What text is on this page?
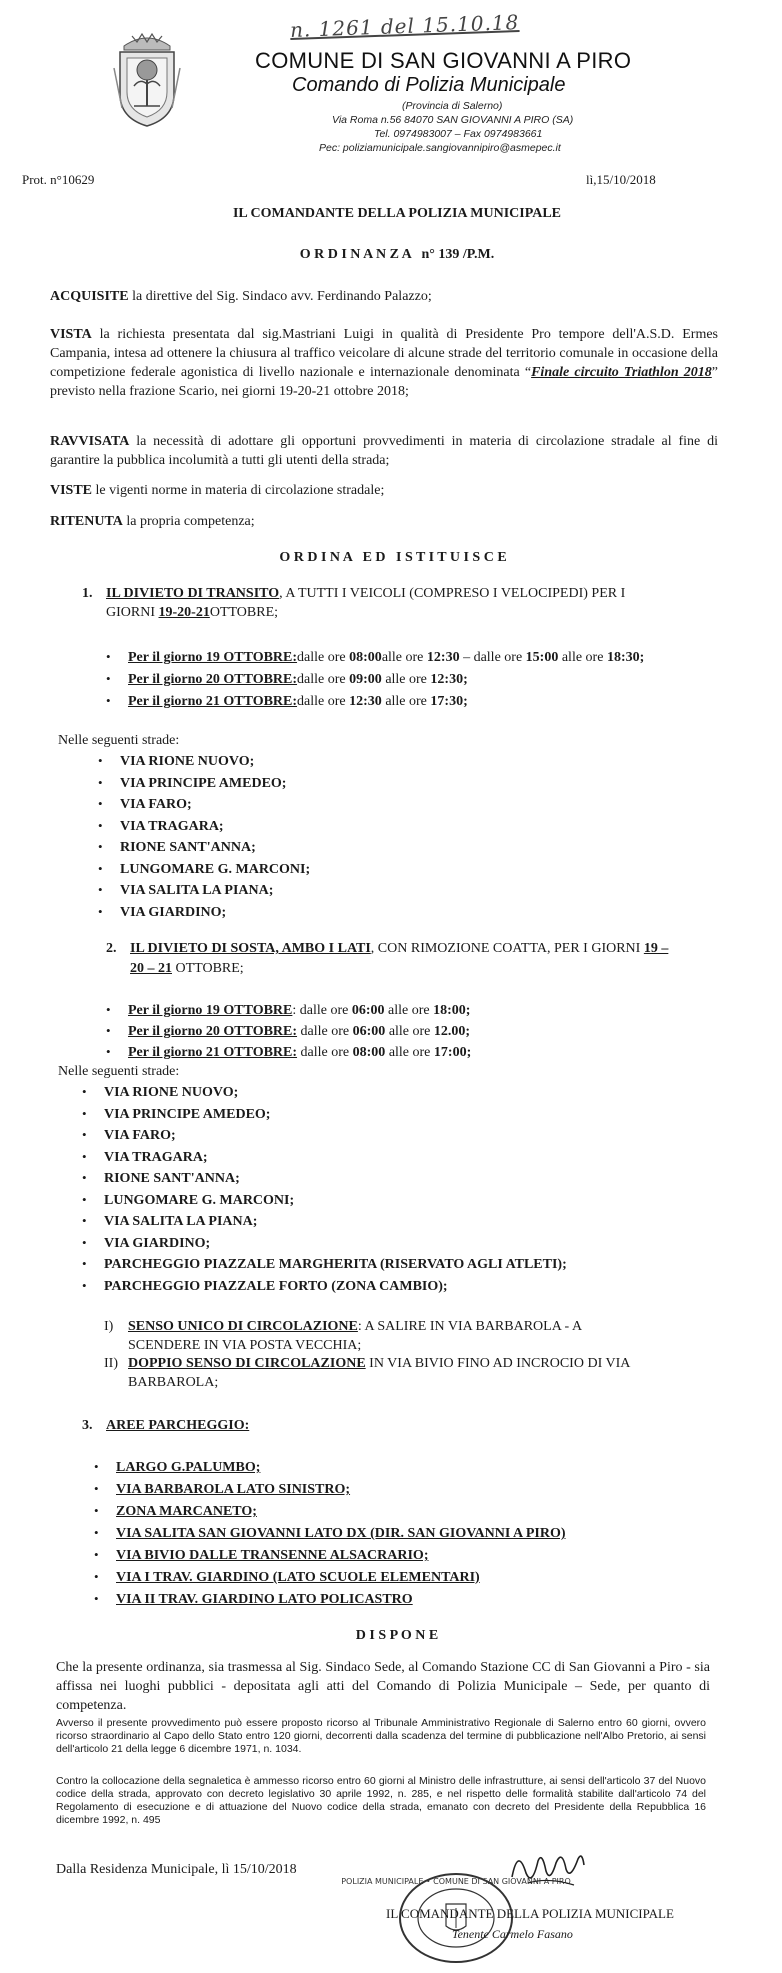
n. 1261 del 15.10.18
COMUNE DI SAN GIOVANNI A PIRO
Comando di Polizia Municipale
(Provincia di Salerno)
Via Roma n.56 84070 SAN GIOVANNI A PIRO (SA)
Tel. 0974983007 – Fax 0974983661
Pec: poliziamunicipale.sangiovannipiro@asmepec.it
Prot. n°10629	lì,15/10/2018
IL COMANDANTE DELLA POLIZIA MUNICIPALE
O R D I N A N Z A   n° 139 /P.M.
ACQUISITE la direttive del Sig. Sindaco avv. Ferdinando Palazzo;
VISTA la richiesta presentata dal sig.Mastriani Luigi in qualità di Presidente Pro tempore dell'A.S.D. Ermes Campania, intesa ad ottenere la chiusura al traffico veicolare di alcune strade del territorio comunale in occasione della competizione federale agonistica di livello nazionale e internazionale denominata “Finale circuito Triathlon 2018” previsto nella frazione Scario, nei giorni 19-20-21 ottobre 2018;
RAVVISATA la necessità di adottare gli opportuni provvedimenti in materia di circolazione stradale al fine di garantire la pubblica incolumità a tutti gli utenti della strada;
VISTE le vigenti norme in materia di circolazione stradale;
RITENUTA la propria competenza;
O R D I N A   E D   I S T I T U I S C E
1. IL DIVIETO DI TRANSITO, A TUTTI I VEICOLI (COMPRESO I VELOCIPEDI) PER I
GIORNI 19-20-21OTTOBRE;
• Per il giorno 19 OTTOBRE:dalle ore 08:00alle ore 12:30 – dalle ore 15:00 alle ore 18:30;
• Per il giorno 20 OTTOBRE:dalle ore 09:00 alle ore 12:30;
• Per il giorno 21 OTTOBRE:dalle ore 12:30 alle ore 17:30;
Nelle seguenti strade:
• VIA RIONE NUOVO;
• VIA PRINCIPE AMEDEO;
• VIA FARO;
• VIA TRAGARA;
• RIONE SANT'ANNA;
• LUNGOMARE G. MARCONI;
• VIA SALITA LA PIANA;
• VIA GIARDINO;
2. IL DIVIETO DI SOSTA, AMBO I LATI, CON RIMOZIONE COATTA, PER I GIORNI 19 –
20 – 21 OTTOBRE;
• Per il giorno 19 OTTOBRE: dalle ore 06:00 alle ore 18:00;
• Per il giorno 20 OTTOBRE: dalle ore 06:00 alle ore 12.00;
• Per il giorno 21 OTTOBRE: dalle ore 08:00 alle ore 17:00;
Nelle seguenti strade:
• VIA RIONE NUOVO;
• VIA PRINCIPE AMEDEO;
• VIA FARO;
• VIA TRAGARA;
• RIONE SANT'ANNA;
• LUNGOMARE G. MARCONI;
• VIA SALITA LA PIANA;
• VIA GIARDINO;
• PARCHEGGIO PIAZZALE MARGHERITA (RISERVATO AGLI ATLETI);
• PARCHEGGIO PIAZZALE FORTO (ZONA CAMBIO);
I) SENSO UNICO DI CIRCOLAZIONE: A SALIRE IN VIA BARBAROLA - A
SCENDERE IN VIA POSTA VECCHIA;
II) DOPPIO SENSO DI CIRCOLAZIONE IN VIA BIVIO FINO AD INCROCIO DI VIA
BARBAROLA;
3. AREE PARCHEGGIO:
• LARGO G.PALUMBO;
• VIA BARBAROLA LATO SINISTRO;
• ZONA MARCANETO;
• VIA SALITA SAN GIOVANNI LATO DX (DIR. SAN GIOVANNI A PIRO)
• VIA BIVIO DALLE TRANSENNE ALSACRARIO;
• VIA I TRAV. GIARDINO (LATO SCUOLE ELEMENTARI)
• VIA II TRAV. GIARDINO LATO POLICASTRO
D I S P O N E
Che la presente ordinanza, sia trasmessa al Sig. Sindaco Sede, al Comando Stazione CC di San Giovanni a Piro - sia affissa nei luoghi pubblici - depositata agli atti del Comando di Polizia Municipale – Sede, per quanto di competenza.
Avverso il presente provvedimento può essere proposto ricorso al Tribunale Amministrativo Regionale di Salerno entro 60 giorni, ovvero ricorso straordinario al Capo dello Stato entro 120 giorni, decorrenti dalla scadenza del termine di pubblicazione nell'Albo Pretorio, ai sensi dell'articolo 21 della legge 6 dicembre 1971, n. 1034.
Contro la collocazione della segnaletica è ammesso ricorso entro 60 giorni al Ministro delle infrastrutture, ai sensi dell'articolo 37 del Nuovo codice della strada, approvato con decreto legislativo 30 aprile 1992, n. 285, e nel rispetto delle formalità stabilite dall'articolo 74 del Regolamento di esecuzione e di attuazione del Nuovo codice della strada, emanato con decreto del Presidente della Repubblica 16 dicembre 1992, n. 495
Dalla Residenza Municipale, lì 15/10/2018
POLIZIA MUNICIPALE • COMUNE DI SAN GIOVANNI A PIRO
IL COMANDANTE DELLA POLIZIA MUNICIPALE
Tenente Carmelo Fasano
